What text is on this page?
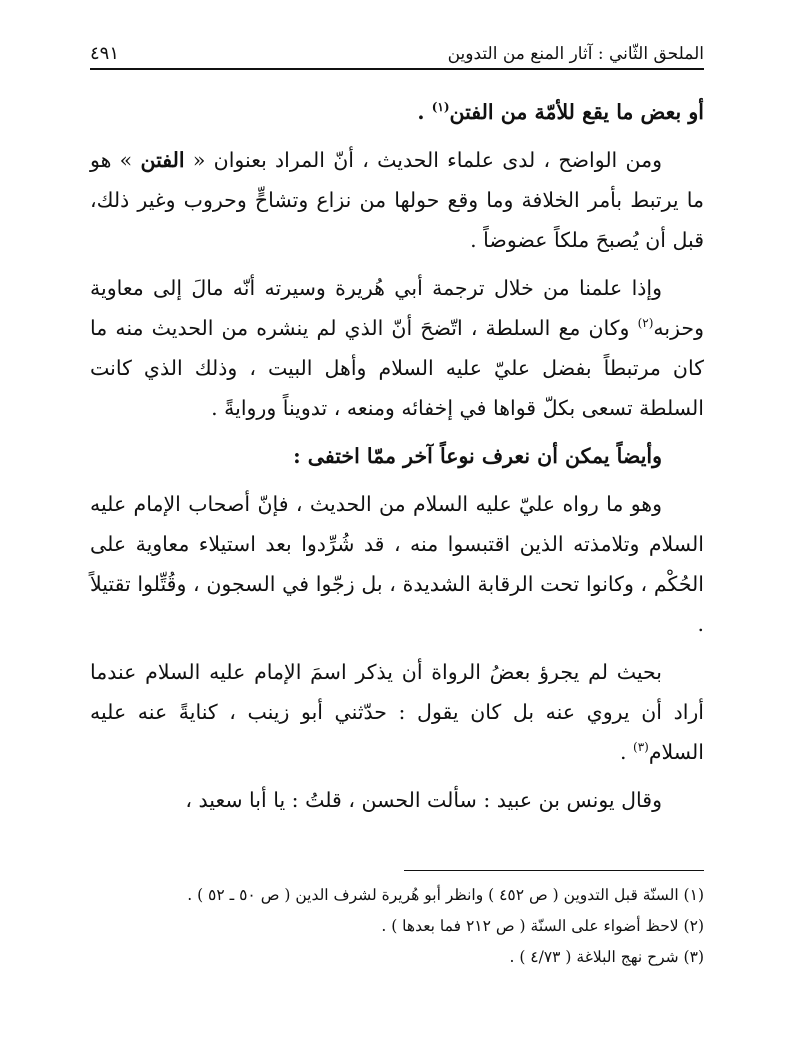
الملحق الثّاني : آثار المنع من التدوين
٤٩١

أو بعض ما يقع للأمّة من الفتن$^{(١)}$ .

ومن الواضح ، لدى علماء الحديث ، أنّ المراد بعنوان « الفتن » هو ما يرتبط بأمر الخلافة وما وقع حولها من نزاع وتشاحٍّ وحروب وغير ذلك، قبل أن يُصبحَ ملكاً عضوضاً .

وإذا علمنا من خلال ترجمة أبي هُريرة وسيرته أنّه مالَ إلى معاوية وحزبه$^{(٢)}$ وكان مع السلطة ، اتّضحَ أنّ الذي لم ينشره من الحديث منه ما كان مرتبطاً بفضل عليّ عليه السلام وأهل البيت ، وذلك الذي كانت السلطة تسعى بكلّ قواها في إخفائه ومنعه ، تدويناً وروايةً .

وأيضاً يمكن أن نعرف نوعاً آخر ممّا اختفى :

وهو ما رواه عليّ عليه السلام من الحديث ، فإنّ أصحاب الإمام عليه السلام وتلامذته الذين اقتبسوا منه ، قد شُرِّدوا بعد استيلاء معاوية على الحُكْم ، وكانوا تحت الرقابة الشديدة ، بل زجّوا في السجون ، وقُتِّلوا تقتيلاً .

بحيث لم يجرؤ بعضُ الرواة أن يذكر اسمَ الإمام عليه السلام عندما أراد أن يروي عنه بل كان يقول : حدّثني أبو زينب ، كنايةً عنه عليه السلام$^{(٣)}$ .

وقال يونس بن عبيد : سألت الحسن ، قلتُ : يا أبا سعيد ،

(١) السنّة قبل التدوين ( ص ٤٥٢ ) وانظر أبو هُريرة لشرف الدين ( ص ٥٠ ـ ٥٢ ) .
(٢) لاحظ أضواء على السنّة ( ص ٢١٢ فما بعدها ) .
(٣) شرح نهج البلاغة ( ٤/٧٣ ) .
